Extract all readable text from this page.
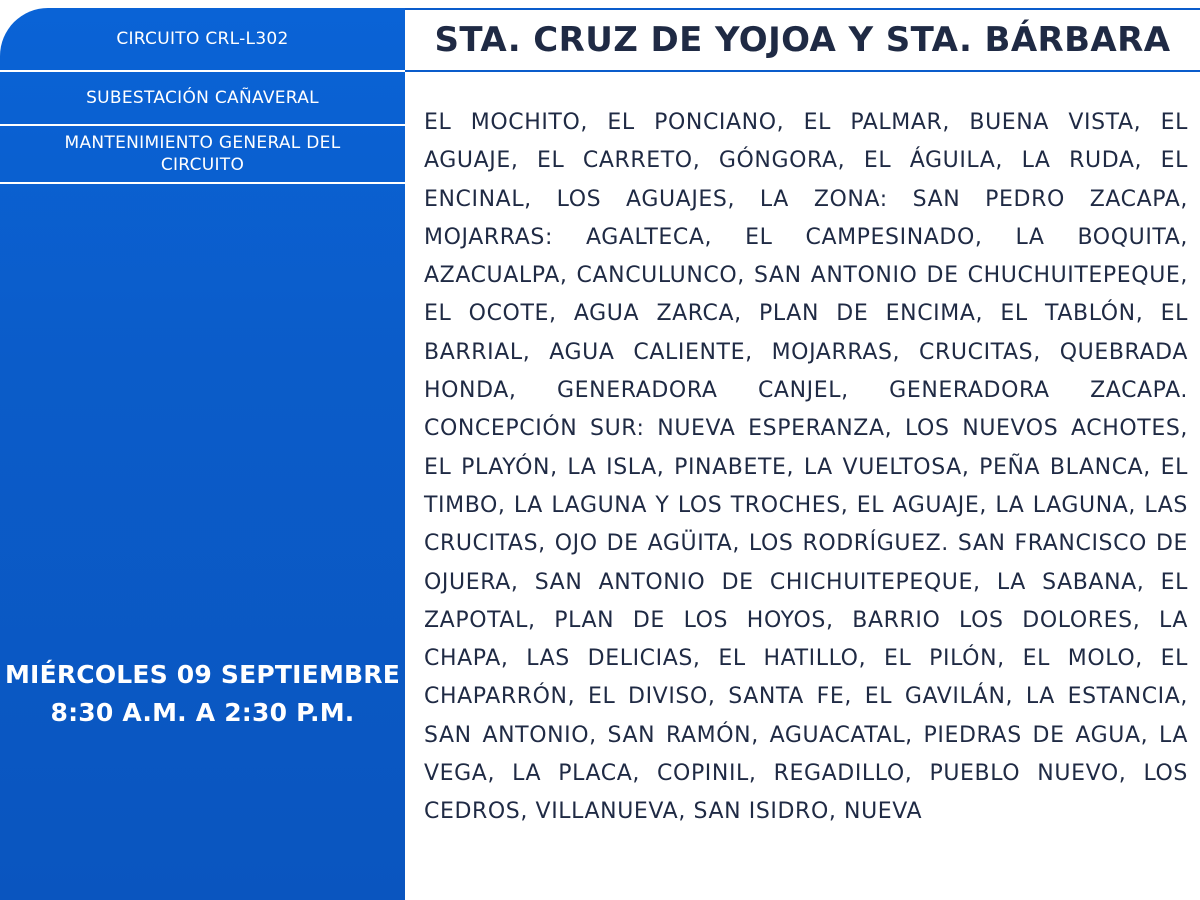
CIRCUITO CRL-L302
SUBESTACIÓN CAÑAVERAL
MANTENIMIENTO GENERAL DEL CIRCUITO
MIÉRCOLES 09 SEPTIEMBRE
8:30 A.M. A 2:30 P.M.
STA. CRUZ DE YOJOA Y STA. BÁRBARA
EL MOCHITO, EL PONCIANO, EL PALMAR, BUENA VISTA, EL AGUAJE, EL CARRETO, GÓNGORA, EL ÁGUILA, LA RUDA, EL ENCINAL, LOS AGUAJES, LA ZONA: SAN PEDRO ZACAPA, MOJARRAS: AGALTECA, EL CAMPESINADO, LA BOQUITA, AZACUALPA, CANCULUNCO, SAN ANTONIO DE CHUCHUITEPEQUE, EL OCOTE, AGUA ZARCA, PLAN DE ENCIMA, EL TABLÓN, EL BARRIAL, AGUA CALIENTE, MOJARRAS, CRUCITAS, QUEBRADA HONDA, GENERADORA CANJEL, GENERADORA ZACAPA. CONCEPCIÓN SUR: NUEVA ESPERANZA, LOS NUEVOS ACHOTES, EL PLAYÓN, LA ISLA, PINABETE, LA VUELTOSA, PEÑA BLANCA, EL TIMBO, LA LAGUNA Y LOS TROCHES, EL AGUAJE, LA LAGUNA, LAS CRUCITAS, OJO DE AGÜITA, LOS RODRÍGUEZ. SAN FRANCISCO DE OJUERA, SAN ANTONIO DE CHICHUITEPEQUE, LA SABANA, EL ZAPOTAL, PLAN DE LOS HOYOS, BARRIO LOS DOLORES, LA CHAPA, LAS DELICIAS, EL HATILLO, EL PILÓN, EL MOLO, EL CHAPARRÓN, EL DIVISO, SANTA FE, EL GAVILÁN, LA ESTANCIA, SAN ANTONIO, SAN RAMÓN, AGUACATAL, PIEDRAS DE AGUA, LA VEGA, LA PLACA, COPINIL, REGADILLO, PUEBLO NUEVO, LOS CEDROS, VILLANUEVA, SAN ISIDRO, NUEVA
